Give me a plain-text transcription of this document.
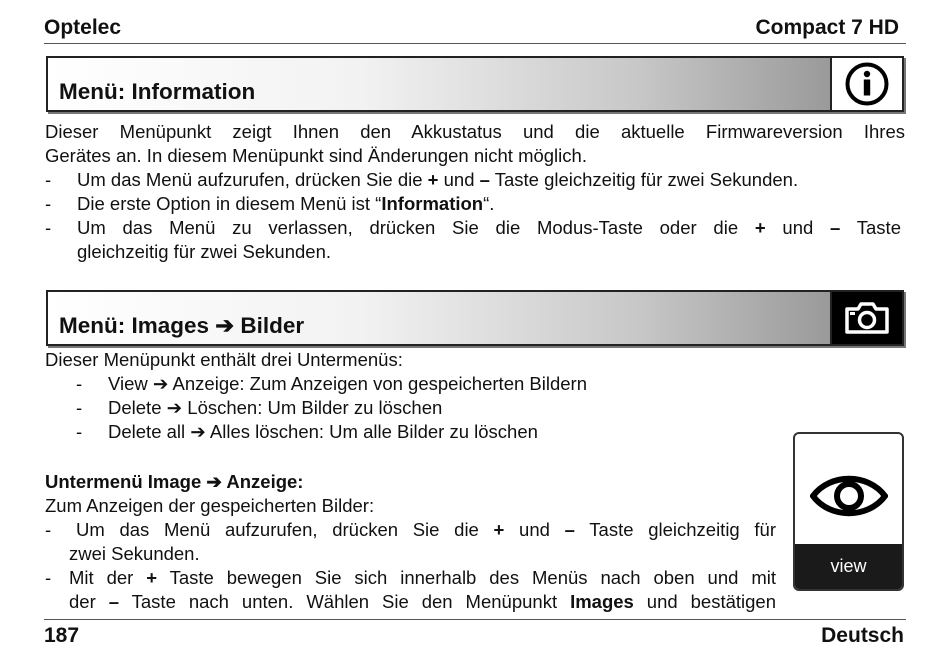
Optelec	Compact 7 HD
Menü: Information
Dieser Menüpunkt zeigt Ihnen den Akkustatus und die aktuelle Firmwareversion Ihres
Gerätes an. In diesem Menüpunkt sind Änderungen nicht möglich.
- Um das Menü aufzurufen, drücken Sie die + und – Taste gleichzeitig für zwei Sekunden.
- Die erste Option in diesem Menü ist “Information“.
- Um das Menü zu verlassen, drücken Sie die Modus-Taste oder die + und – Taste
gleichzeitig für zwei Sekunden.
Menü: Images ➔ Bilder
Dieser Menüpunkt enthält drei Untermenüs:
- View ➔ Anzeige: Zum Anzeigen von gespeicherten Bildern
- Delete ➔ Löschen: Um Bilder zu löschen
- Delete all ➔ Alles löschen: Um alle Bilder zu löschen
Untermenü Image ➔ Anzeige:
Zum Anzeigen der gespeicherten Bilder:
- Um das Menü aufzurufen, drücken Sie die + und – Taste gleichzeitig für
zwei Sekunden.
- Mit der + Taste bewegen Sie sich innerhalb des Menüs nach oben und mit
der – Taste nach unten. Wählen Sie den Menüpunkt Images und bestätigen
view
187	Deutsch
